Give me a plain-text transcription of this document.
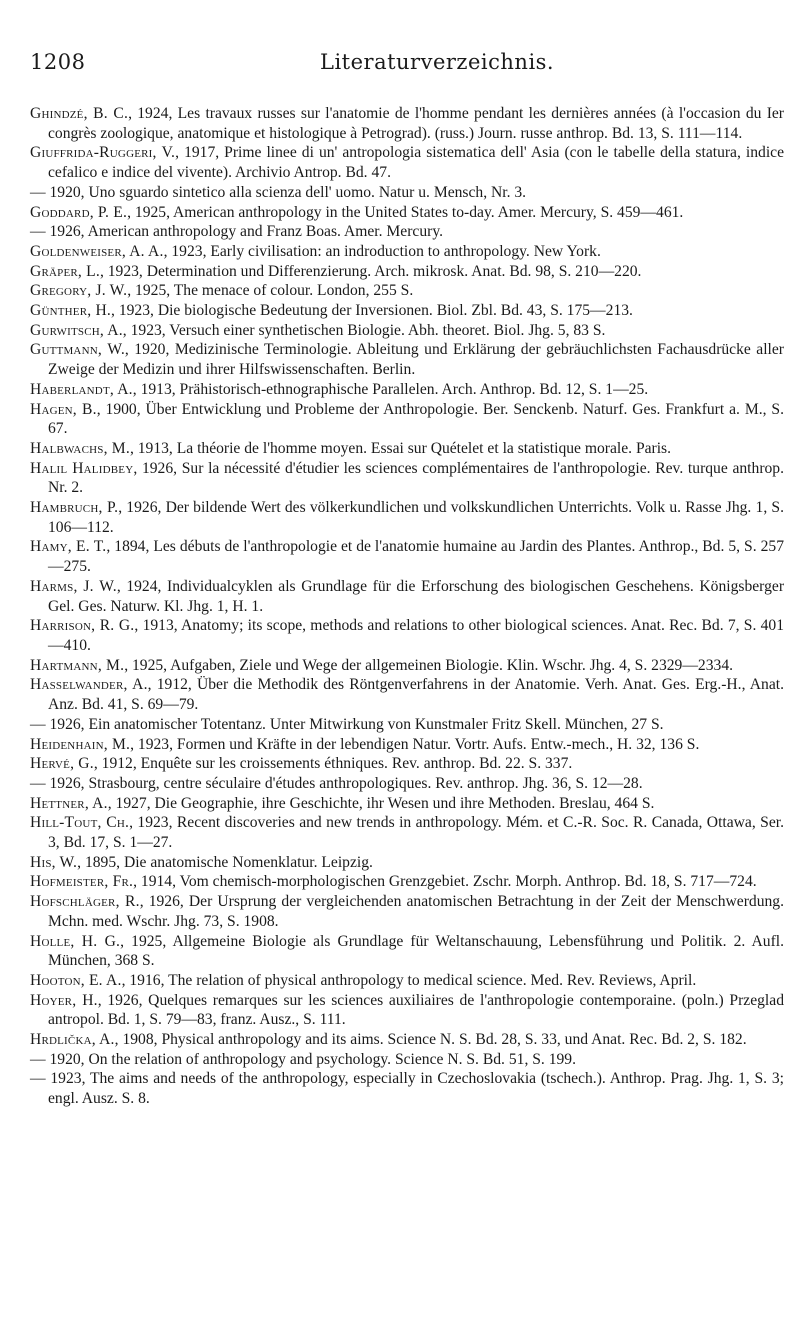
1208	Literaturverzeichnis.

Ghindzé, B. C., 1924, Les travaux russes sur l'anatomie de l'homme pendant les dernières années (à l'occasion du Ier congrès zoologique, anatomique et histologique à Petrograd). (russ.) Journ. russe anthrop. Bd. 13, S. 111—114.

Giuffrida-Ruggeri, V., 1917, Prime linee di un' antropologia sistematica dell' Asia (con le tabelle della statura, indice cefalico e indice del vivente). Archivio Antrop. Bd. 47.

— 1920, Uno sguardo sintetico alla scienza dell' uomo. Natur u. Mensch, Nr. 3.

Goddard, P. E., 1925, American anthropology in the United States to-day. Amer. Mercury, S. 459—461.

— 1926, American anthropology and Franz Boas. Amer. Mercury.

Goldenweiser, A. A., 1923, Early civilisation: an indroduction to anthropology. New York.

Gräper, L., 1923, Determination und Differenzierung. Arch. mikrosk. Anat. Bd. 98, S. 210—220.

Gregory, J. W., 1925, The menace of colour. London, 255 S.

Günther, H., 1923, Die biologische Bedeutung der Inversionen. Biol. Zbl. Bd. 43, S. 175—213.

Gurwitsch, A., 1923, Versuch einer synthetischen Biologie. Abh. theoret. Biol. Jhg. 5, 83 S.

Guttmann, W., 1920, Medizinische Terminologie. Ableitung und Erklärung der gebräuchlichsten Fachausdrücke aller Zweige der Medizin und ihrer Hilfswissenschaften. Berlin.

Haberlandt, A., 1913, Prähistorisch-ethnographische Parallelen. Arch. Anthrop. Bd. 12, S. 1—25.

Hagen, B., 1900, Über Entwicklung und Probleme der Anthropologie. Ber. Senckenb. Naturf. Ges. Frankfurt a. M., S. 67.

Halbwachs, M., 1913, La théorie de l'homme moyen. Essai sur Quételet et la statistique morale. Paris.

Halil Halidbey, 1926, Sur la nécessité d'étudier les sciences complémentaires de l'anthropologie. Rev. turque anthrop. Nr. 2.

Hambruch, P., 1926, Der bildende Wert des völkerkundlichen und volkskundlichen Unterrichts. Volk u. Rasse Jhg. 1, S. 106—112.

Hamy, E. T., 1894, Les débuts de l'anthropologie et de l'anatomie humaine au Jardin des Plantes. Anthrop., Bd. 5, S. 257—275.

Harms, J. W., 1924, Individualcyklen als Grundlage für die Erforschung des biologischen Geschehens. Königsberger Gel. Ges. Naturw. Kl. Jhg. 1, H. 1.

Harrison, R. G., 1913, Anatomy; its scope, methods and relations to other biological sciences. Anat. Rec. Bd. 7, S. 401—410.

Hartmann, M., 1925, Aufgaben, Ziele und Wege der allgemeinen Biologie. Klin. Wschr. Jhg. 4, S. 2329—2334.

Hasselwander, A., 1912, Über die Methodik des Röntgenverfahrens in der Anatomie. Verh. Anat. Ges. Erg.-H., Anat. Anz. Bd. 41, S. 69—79.

— 1926, Ein anatomischer Totentanz. Unter Mitwirkung von Kunstmaler Fritz Skell. München, 27 S.

Heidenhain, M., 1923, Formen und Kräfte in der lebendigen Natur. Vortr. Aufs. Entw.-mech., H. 32, 136 S.

Hervé, G., 1912, Enquête sur les croissements éthniques. Rev. anthrop. Bd. 22. S. 337.

— 1926, Strasbourg, centre séculaire d'études anthropologiques. Rev. anthrop. Jhg. 36, S. 12—28.

Hettner, A., 1927, Die Geographie, ihre Geschichte, ihr Wesen und ihre Methoden. Breslau, 464 S.

Hill-Tout, Ch., 1923, Recent discoveries and new trends in anthropology. Mém. et C.-R. Soc. R. Canada, Ottawa, Ser. 3, Bd. 17, S. 1—27.

His, W., 1895, Die anatomische Nomenklatur. Leipzig.

Hofmeister, Fr., 1914, Vom chemisch-morphologischen Grenzgebiet. Zschr. Morph. Anthrop. Bd. 18, S. 717—724.

Hofschläger, R., 1926, Der Ursprung der vergleichenden anatomischen Betrachtung in der Zeit der Menschwerdung. Mchn. med. Wschr. Jhg. 73, S. 1908.

Holle, H. G., 1925, Allgemeine Biologie als Grundlage für Weltanschauung, Lebensführung und Politik. 2. Aufl. München, 368 S.

Hooton, E. A., 1916, The relation of physical anthropology to medical science. Med. Rev. Reviews, April.

Hoyer, H., 1926, Quelques remarques sur les sciences auxiliaires de l'anthropologie contemporaine. (poln.) Przeglad antropol. Bd. 1, S. 79—83, franz. Ausz., S. 111.

Hrdlička, A., 1908, Physical anthropology and its aims. Science N. S. Bd. 28, S. 33, und Anat. Rec. Bd. 2, S. 182.

— 1920, On the relation of anthropology and psychology. Science N. S. Bd. 51, S. 199.

— 1923, The aims and needs of the anthropology, especially in Czechoslovakia (tschech.). Anthrop. Prag. Jhg. 1, S. 3; engl. Ausz. S. 8.
